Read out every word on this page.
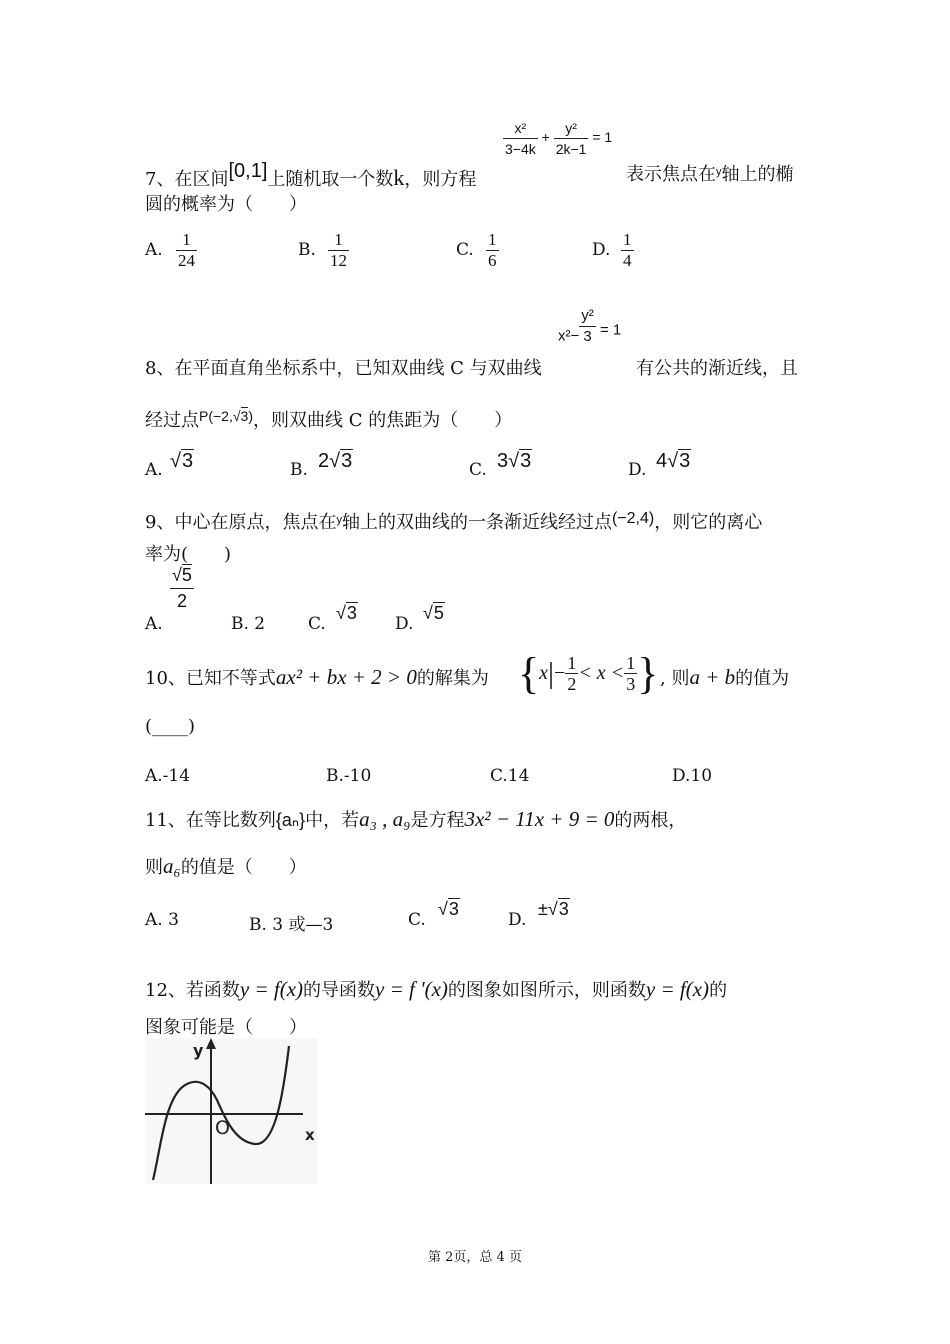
7、在区间[0,1]上随机取一个数k，则方程
$\frac{\text{x²}}{3-4k} + \frac{\text{y²}}{2k-1} = 1$
表示焦点在$^y$轴上的椭
圆的概率为（　　）
A. $\frac{1}{24}$	B. $\frac{1}{12}$	C. $\frac{1}{6}$	D. $\frac{1}{4}$
$x^2- \frac{\text{y²}}{3} = 1$
8、在平面直角坐标系中，已知双曲线 C 与双曲线	有公共的渐近线，且
经过点$^{P(-2,√3)}$，则双曲线 C 的焦距为（　　）
A. √3	B. 2√3	C. 3√3	D. 4√3
9、中心在原点，焦点在$^y$轴上的双曲线的一条渐近线经过点(−2,4)，则它的离心
率为(　　)
A.
√5
2
B. 2	C.
√3
D.
√5
10、已知不等式ax² + bx + 2 > 0的解集为 {$x|- \frac{1}{2} < x < \frac{1}{3}$ } , 则a + b的值为
(____)
A.-14	B.-10	C.14	D.10
11、在等比数列{aₙ}中，若a₃ , a₉是方程3x² − 11x + 9 = 0的两根，
则a₆的值是（　　）
A. 3	B. 3 或—3	C.
√3
D.
±√3
12、若函数y = f(x)的导函数y = f '(x)的图象如图所示，则函数y = f(x)的
图象可能是（　　）
y
x
O
第 2页，总 4 页
